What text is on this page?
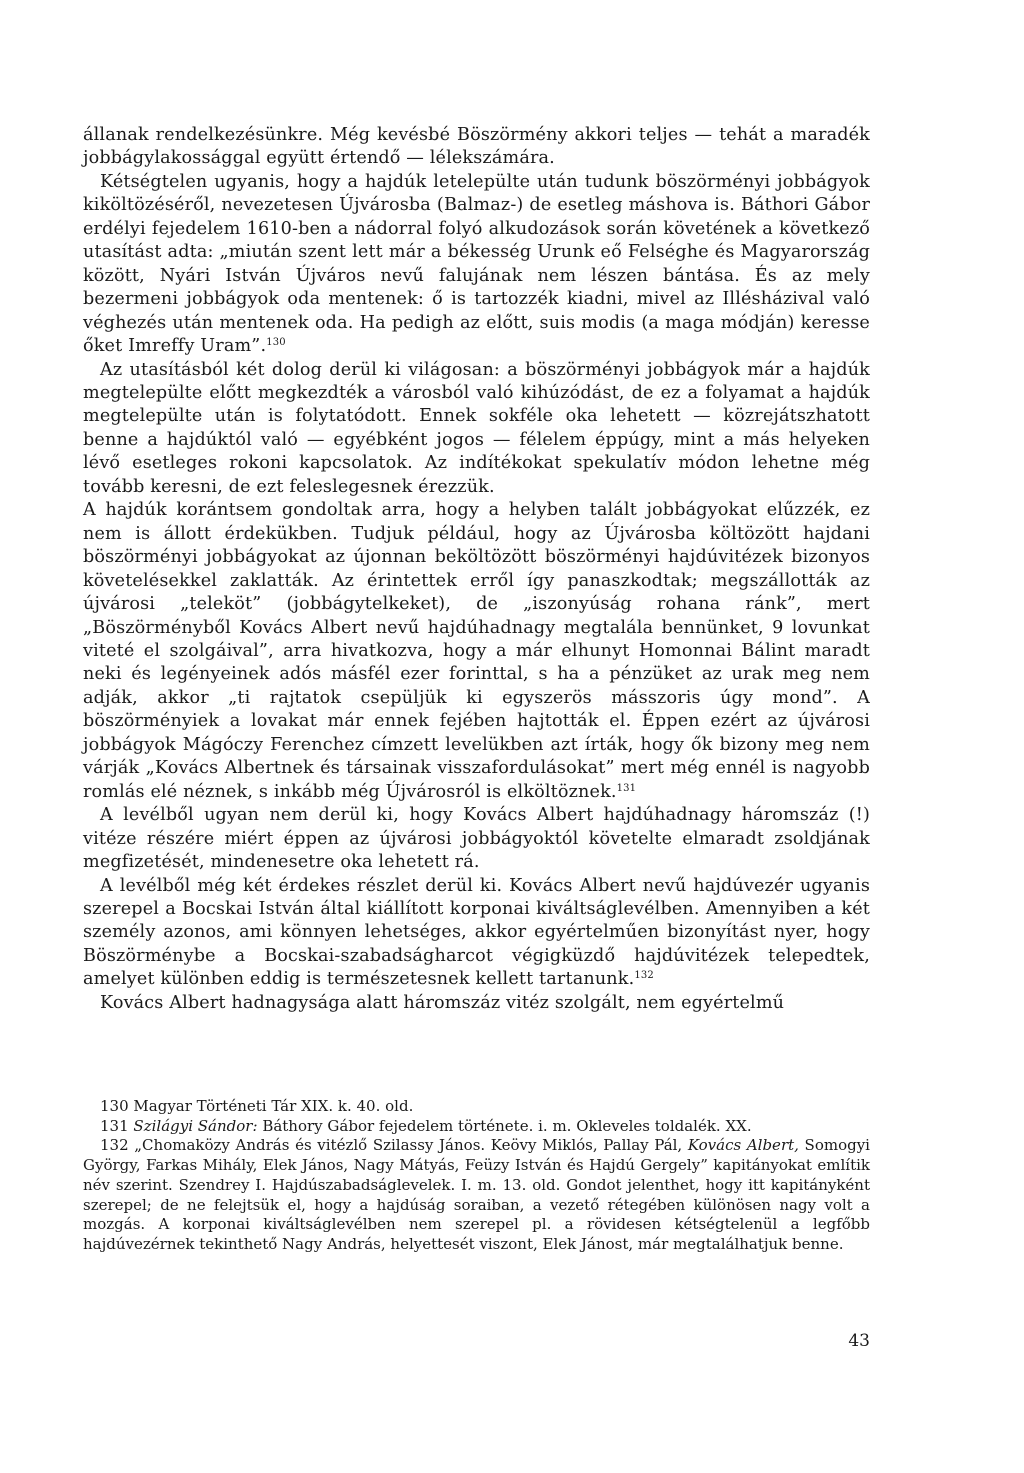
állanak rendelkezésünkre. Még kevésbé Böszörmény akkori teljes — tehát a maradék jobbágylakossággal együtt értendő — lélekszámára.

Kétségtelen ugyanis, hogy a hajdúk letelepülte után tudunk böszörményi jobbágyok kiköltözéséről, nevezetesen Újvárosba (Balmaz-) de esetleg máshova is. Báthori Gábor erdélyi fejedelem 1610-ben a nádorral folyó alkudozások során követének a következő utasítást adta: „miután szent lett már a békesség Urunk eő Felséghe és Magyarország között, Nyári István Újváros nevű falujának nem lészen bántása. És az mely bezermeni jobbágyok oda mentenek: ő is tartozzék kiadni, mivel az Illésházival való véghezés után mentenek oda. Ha pedigh az előtt, suis modis (a maga módján) keresse őket Imreffy Uram”.$^{130}$

Az utasításból két dolog derül ki világosan: a böszörményi jobbágyok már a hajdúk megtelepülte előtt megkezdték a városból való kihúzódást, de ez a folyamat a hajdúk megtelepülte után is folytatódott. Ennek sokféle oka lehetett — közrejátszhatott benne a hajdúktól való — egyébként jogos — félelem éppúgy, mint a más helyeken lévő esetleges rokoni kapcsolatok. Az indítékokat spekulatív módon lehetne még tovább keresni, de ezt feleslegesnek érezzük.

A hajdúk korántsem gondoltak arra, hogy a helyben talált jobbágyokat elűzzék, ez nem is állott érdekükben. Tudjuk például, hogy az Újvárosba költözött hajdani böszörményi jobbágyokat az újonnan beköltözött böszörményi hajdúvitézek bizonyos követelésekkel zaklatták. Az érintettek erről így panaszkodtak; megszállották az újvárosi „teleköt” (jobbágytelkeket), de „iszonyúság rohana ránk”, mert „Böszörményből Kovács Albert nevű hajdúhadnagy megtalála bennünket, 9 lovunkat viteté el szolgáival”, arra hivatkozva, hogy a már elhunyt Homonnai Bálint maradt neki és legényeinek adós másfél ezer forinttal, s ha a pénzüket az urak meg nem adják, akkor „ti rajtatok csepüljük ki egyszerös másszoris úgy mond”. A böszörményiek a lovakat már ennek fejében hajtották el. Éppen ezért az újvárosi jobbágyok Mágóczy Ferenchez címzett levelükben azt írták, hogy ők bizony meg nem várják „Kovács Albertnek és társainak visszafordulásokat” mert még ennél is nagyobb romlás elé néznek, s inkább még Újvárosról is elköltöznek.

$^{131}$

A levélből ugyan nem derül ki, hogy Kovács Albert hajdúhadnagy háromszáz (!) vitéze részére miért éppen az újvárosi jobbágyoktól követelte elmaradt zsoldjának megfizetését, mindenesetre oka lehetett rá.

A levélből még két érdekes részlet derül ki. Kovács Albert nevű hajdúvezér ugyanis szerepel a Bocskai István által kiállított korponai kiváltságlevélben. Amennyiben a két személy azonos, ami könnyen lehetséges, akkor egyértelműen bizonyítást nyer, hogy Böszörménybe a Bocskai-szabadságharcot végigküzdő hajdúvitézek telepedtek, amelyet különben eddig is természetesnek kellett tartanunk.$^{132}$

Kovács Albert hadnagysága alatt háromszáz vitéz szolgált, nem egyértelmű

130 Magyar Történeti Tár XIX. k. 40. old.

131 Szilágyi Sándor: Báthory Gábor fejedelem története. i. m. Okleveles toldalék. XX.

132 „Chomaközy András és vitézlő Szilassy János. Keövy Miklós, Pallay Pál, Kovács Albert, Somogyi György, Farkas Mihály, Elek János, Nagy Mátyás, Feüzy István és Hajdú Gergely” kapitányokat említik név szerint. Szendrey I. Hajdúszabadságlevelek. I. m. 13. old. Gondot jelenthet, hogy itt kapitányként szerepel; de ne felejtsük el, hogy a hajdúság soraiban, a vezető rétegében különösen nagy volt a mozgás. A korponai kiváltságlevélben nem szerepel pl. a rövidesen kétségtelenül a legfőbb hajdúvezérnek tekinthető Nagy András, helyettesét viszont, Elek Jánost, már megtalálhatjuk benne.

43
